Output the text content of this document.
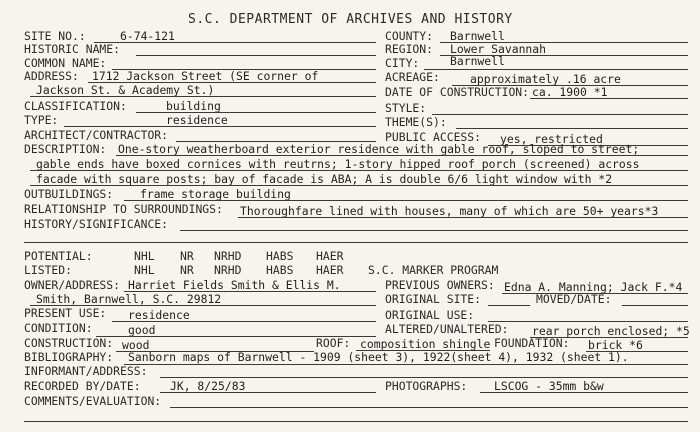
S.C. DEPARTMENT OF ARCHIVES AND HISTORY
SITE NO.:	6-74-121	COUNTY: Barnwell
HISTORIC NAME:	REGION: Lower Savannah
COMMON NAME:	CITY:	Barnwell
ADDRESS: 1712 Jackson Street (SE corner of	ACREAGE:	approximately .16 acre
Jackson St. & Academy St.)	DATE OF CONSTRUCTION: ca. 1900 *1
CLASSIFICATION:	building	STYLE:
TYPE:	residence	THEME(S):
ARCHITECT/CONTRACTOR:	PUBLIC ACCESS: yes, restricted
DESCRIPTION: One-story weatherboard exterior residence with gable roof, sloped to street;
gable ends have boxed cornices with reutrns; 1-story hipped roof porch (screened) across
facade with square posts; bay of facade is ABA; A is double 6/6 light window with *2
OUTBUILDINGS: frame storage building
RELATIONSHIP TO SURROUNDINGS: Thoroughfare lined with houses, many of which are 50+ years*3
HISTORY/SIGNIFICANCE:
POTENTIAL:	NHL NR NRHD HABS HAER
LISTED:	NHL NR NRHD HABS HAER S.C. MARKER PROGRAM
OWNER/ADDRESS: Harriet Fields Smith & Ellis M.	PREVIOUS OWNERS: Edna A. Manning; Jack F.*4
Smith, Barnwell, S.C. 29812	ORIGINAL SITE:	MOVED/DATE:
PRESENT USE: residence	ORIGINAL USE:
CONDITION:	good	ALTERED/UNALTERED: rear porch enclosed; *5
CONSTRUCTION: wood	ROOF: composition shingle FOUNDATION: brick *6
BIBLIOGRAPHY: Sanborn maps of Barnwell - 1909 (sheet 3), 1922(sheet 4), 1932 (sheet 1).
INFORMANT/ADDRESS:
RECORDED BY/DATE:	JK, 8/25/83	PHOTOGRAPHS: LSCOG - 35mm b&w
COMMENTS/EVALUATION:
